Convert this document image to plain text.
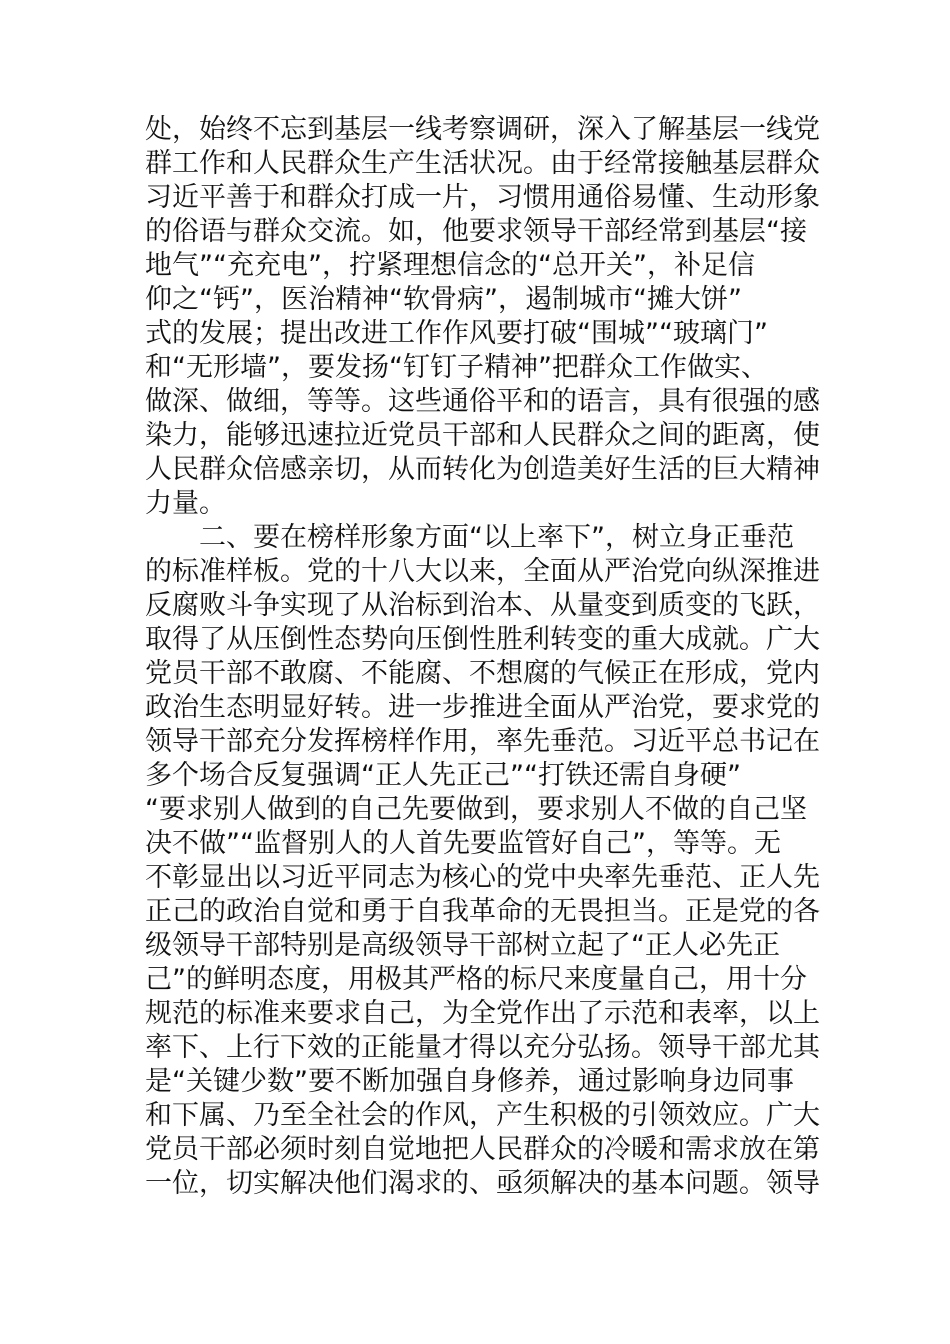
处，始终不忘到基层一线考察调研，深入了解基层一线党
群工作和人民群众生产生活状况。由于经常接触基层群众
习近平善于和群众打成一片，习惯用通俗易懂、生动形象
的俗语与群众交流。如，他要求领导干部经常到基层“接
地气”“充充电”，拧紧理想信念的“总开关”，补足信
仰之“钙”，医治精神“软骨病”，遏制城市“摊大饼”
式的发展；提出改进工作作风要打破“围城”“玻璃门”
和“无形墙”，要发扬“钉钉子精神”把群众工作做实、
做深、做细，等等。这些通俗平和的语言，具有很强的感
染力，能够迅速拉近党员干部和人民群众之间的距离，使
人民群众倍感亲切，从而转化为创造美好生活的巨大精神
力量。
　　二、要在榜样形象方面“以上率下”，树立身正垂范
的标准样板。党的十八大以来，全面从严治党向纵深推进
反腐败斗争实现了从治标到治本、从量变到质变的飞跃，
取得了从压倒性态势向压倒性胜利转变的重大成就。广大
党员干部不敢腐、不能腐、不想腐的气候正在形成，党内
政治生态明显好转。进一步推进全面从严治党，要求党的
领导干部充分发挥榜样作用，率先垂范。习近平总书记在
多个场合反复强调“正人先正己”“打铁还需自身硬”
“要求别人做到的自己先要做到，要求别人不做的自己坚
决不做”“监督别人的人首先要监管好自己”，等等。无
不彰显出以习近平同志为核心的党中央率先垂范、正人先
正己的政治自觉和勇于自我革命的无畏担当。正是党的各
级领导干部特别是高级领导干部树立起了“正人必先正
己”的鲜明态度，用极其严格的标尺来度量自己，用十分
规范的标准来要求自己，为全党作出了示范和表率，以上
率下、上行下效的正能量才得以充分弘扬。领导干部尤其
是“关键少数”要不断加强自身修养，通过影响身边同事
和下属、乃至全社会的作风，产生积极的引领效应。广大
党员干部必须时刻自觉地把人民群众的冷暖和需求放在第
一位，切实解决他们渴求的、亟须解决的基本问题。领导
